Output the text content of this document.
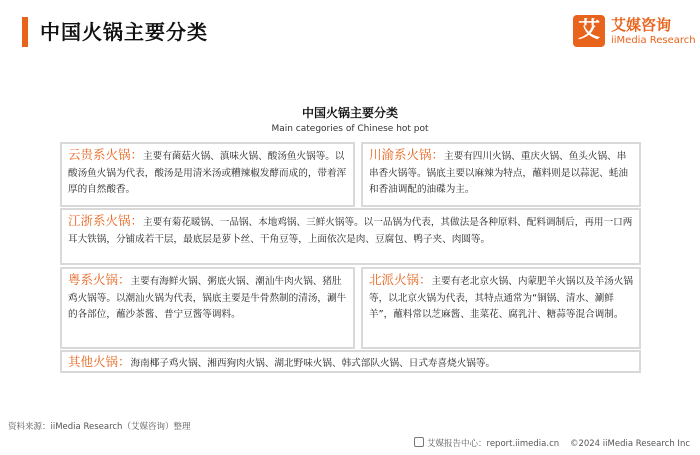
中国火锅主要分类	艾 艾媒咨询
iiMedia Research
中国火锅主要分类
Main categories of Chinese hot pot
云贵系火锅：主要有菌菇火锅、滇味火锅、酸汤鱼火锅等。以酸汤鱼火锅为代表，酸汤是用清米汤或糟辣椒发酵而成的，带着浑厚的自然酸香。
川渝系火锅：主要有四川火锅、重庆火锅、鱼头火锅、串串香火锅等。锅底主要以麻辣为特点，蘸料则是以蒜泥、蚝油和香油调配的油碟为主。
江浙系火锅：主要有菊花暖锅、一品锅、本地鸡锅、三鲜火锅等。以一品锅为代表，其做法是各种原料、配料调制后，再用一口两耳大铁锅，分铺成若干层，最底层是萝卜丝、干角豆等，上面依次是肉、豆腐包、鸭子夹、肉圆等。
粤系火锅：主要有海鲜火锅、粥底火锅、潮汕牛肉火锅、猪肚鸡火锅等。以潮汕火锅为代表，锅底主要是牛骨熬制的清汤，涮牛的各部位，蘸沙茶酱、普宁豆酱等调料。
北派火锅：主要有老北京火锅、内蒙肥羊火锅以及羊汤火锅等，以北京火锅为代表，其特点通常为“铜锅、清水、涮鲜羊”，蘸料常以芝麻酱、韭菜花、腐乳汁、糖蒜等混合调制。
其他火锅：海南椰子鸡火锅、湘西狗肉火锅、湖北野味火锅、韩式部队火锅、日式寿喜烧火锅等。
资料来源：iiMedia Research（艾媒咨询）整理
艾媒报告中心：report.iimedia.cn ©2024 iiMedia Research Inc
